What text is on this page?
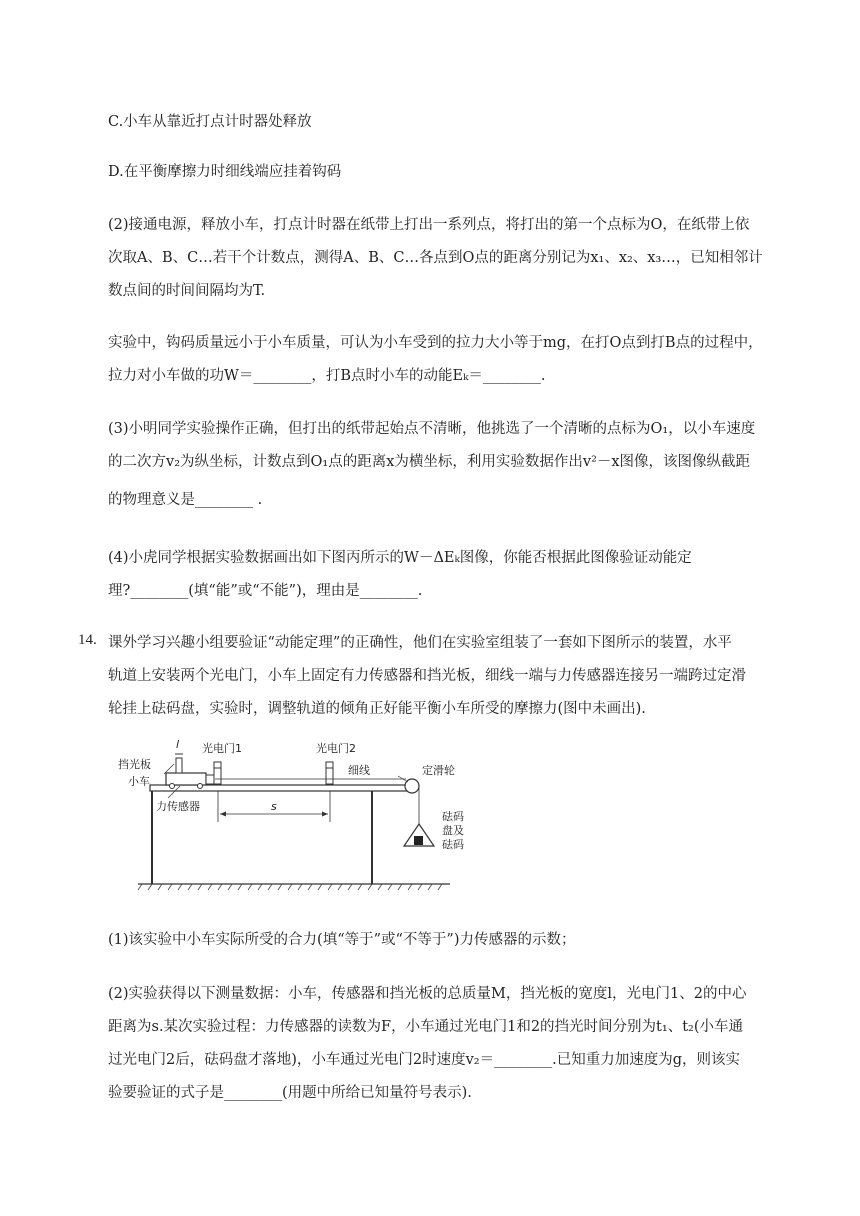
C.小车从靠近打点计时器处释放
D.在平衡摩擦力时细线端应挂着钩码
(2)接通电源，释放小车，打点计时器在纸带上打出一系列点，将打出的第一个点标为O，在纸带上依
次取A、B、C…若干个计数点，测得A、B、C…各点到O点的距离分别记为x₁、x₂、x₃…，已知相邻计
数点间的时间间隔均为T.
实验中，钩码质量远小于小车质量，可认为小车受到的拉力大小等于mg，在打O点到打B点的过程中，
拉力对小车做的功W＝________，打B点时小车的动能Eₖ＝________.
(3)小明同学实验操作正确，但打出的纸带起始点不清晰，他挑选了一个清晰的点标为O₁，以小车速度
的二次方v₂为纵坐标，计数点到O₁点的距离x为横坐标，利用实验数据作出v²－x图像，该图像纵截距
的物理意义是________ .
(4)小虎同学根据实验数据画出如下图丙所示的W－ΔEₖ图像，你能否根据此图像验证动能定
理?________(填“能”或“不能”)，理由是________.
14. 课外学习兴趣小组要验证“动能定理”的正确性，他们在实验室组装了一套如下图所示的装置，水平
轨道上安装两个光电门，小车上固定有力传感器和挡光板，细线一端与力传感器连接另一端跨过定滑
轮挂上砝码盘，实验时，调整轨道的倾角正好能平衡小车所受的摩擦力(图中未画出).
l 光电门1	光电门2
挡光板
小车
细线	定滑轮
力传感器	s
砝码
盘及
砝码
(1)该实验中小车实际所受的合力(填“等于”或“不等于”)力传感器的示数；
(2)实验获得以下测量数据：小车，传感器和挡光板的总质量M，挡光板的宽度l，光电门1、2的中心
距离为s.某次实验过程：力传感器的读数为F，小车通过光电门1和2的挡光时间分别为t₁、t₂(小车通
过光电门2后，砝码盘才落地)，小车通过光电门2时速度v₂＝________.已知重力加速度为g，则该实
验要验证的式子是________(用题中所给已知量符号表示).
